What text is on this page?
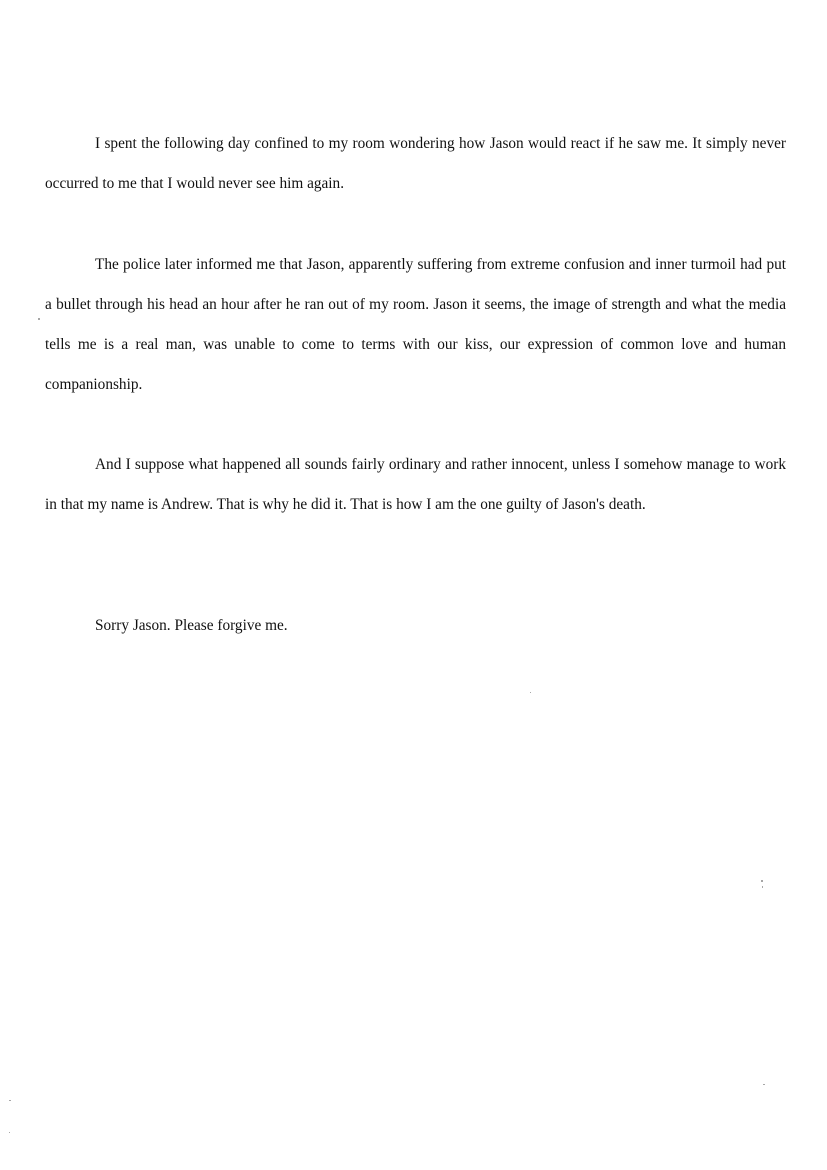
I spent the following day confined to my room wondering how Jason would react if he saw me. It simply never occurred to me that I would never see him again.

The police later informed me that Jason, apparently suffering from extreme confusion and inner turmoil had put a bullet through his head an hour after he ran out of my room. Jason it seems, the image of strength and what the media tells me is a real man, was unable to come to terms with our kiss, our expression of common love and human companionship.

And I suppose what happened all sounds fairly ordinary and rather innocent, unless I somehow manage to work in that my name is Andrew. That is why he did it. That is how I am the one guilty of Jason's death.

Sorry Jason. Please forgive me.
